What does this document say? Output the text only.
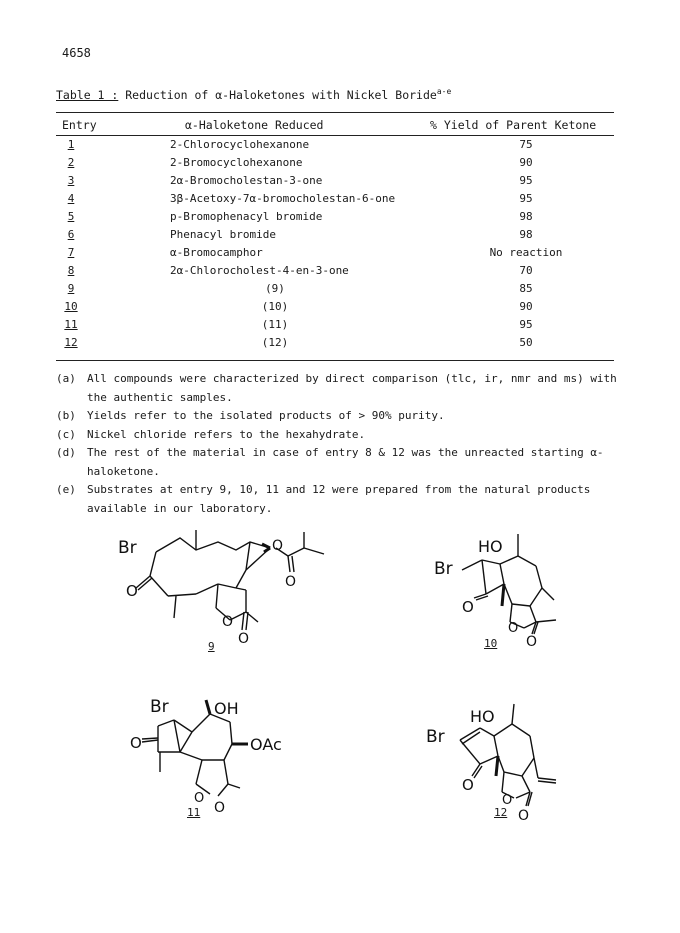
4658
Table 1 : Reduction of α-Haloketones with Nickel Boride$^{a-e}$
Entry	α-Haloketone Reduced	% Yield of Parent Ketone
1	2-Chlorocyclohexanone	75
2	2-Bromocyclohexanone	90
3	2α-Bromocholestan-3-one	95
4	3β-Acetoxy-7α-bromocholestan-6-one	95
5	p-Bromophenacyl bromide	98
6	Phenacyl bromide	98
7	α-Bromocamphor	No reaction
8	2α-Chlorocholest-4-en-3-one	70
9	(9)	85
10	(10)	90
11	(11)	95
12	(12)	50
(a) All compounds were characterized by direct comparison (tlc, ir, nmr and ms) with the authentic samples.
(b) Yields refer to the isolated products of > 90% purity.
(c) Nickel chloride refers to the hexahydrate.
(d) The rest of the material in case of entry 8 & 12 was the unreacted starting α-haloketone.
(e) Substrates at entry 9, 10, 11 and 12 were prepared from the natural products available in our laboratory.
Br
O
O
O
O
O
9
Br
HO
O
O
O
10
Br	OH
OAc
O
O
O
11
Br
HO
O
O
O
12
